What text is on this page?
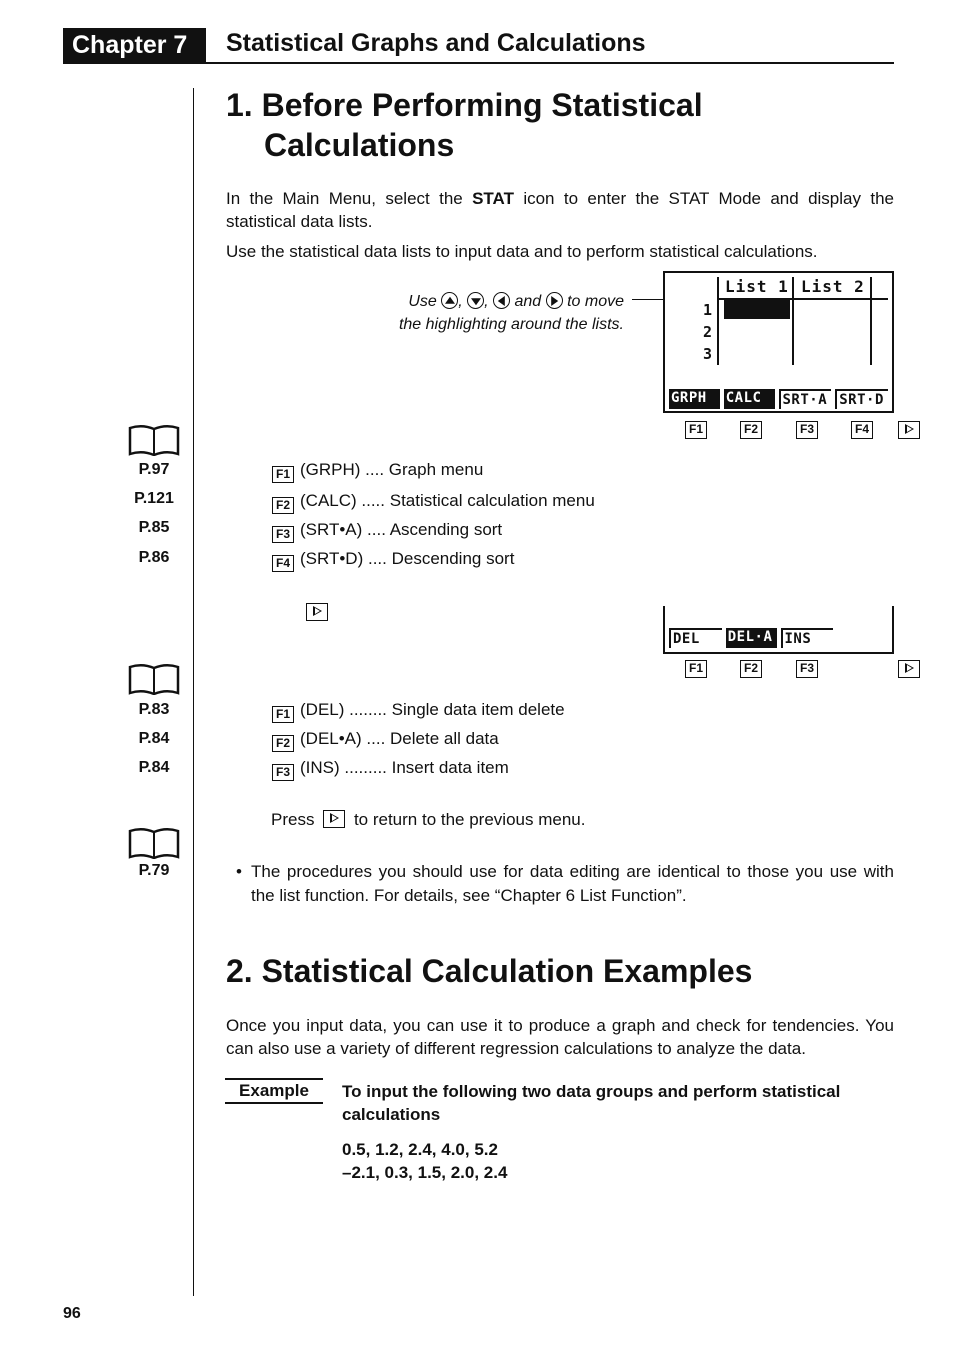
Chapter 7	Statistical Graphs and Calculations
1. Before Performing Statistical
Calculations

In the Main Menu, select the STAT icon to enter the STAT Mode and display the statistical data lists.

Use the statistical data lists to input data and to perform statistical calculations.

Use , ,  and to move
the highlighting around the lists.
List 1 List 2
1
2
3
GRPH	CALC	SRT·A SRT·D
F1	F2	F3	F4
P.97
P.121
P.85
P.86
F1 (GRPH) .... Graph menu
F2 (CALC) ..... Statistical calculation menu
F3 (SRT•A) .... Ascending sort
F4 (SRT•D) .... Descending sort
DEL	DEL·A INS
F1	F2	F3
P.83
P.84
P.84
F1 (DEL) ........ Single data item delete
F2 (DEL•A) .... Delete all data
F3 (INS) ......... Insert data item
Press to return to the previous menu.
P.79	• The procedures you should use for data editing are identical to those you use with the list function. For details, see “Chapter 6 List Function”.
2. Statistical Calculation Examples

Once you input data, you can use it to produce a graph and check for tendencies. You can also use a variety of different regression calculations to analyze the data.

Example	To input the following two data groups and perform statistical calculations
0.5, 1.2, 2.4, 4.0, 5.2
–2.1, 0.3, 1.5, 2.0, 2.4
96
